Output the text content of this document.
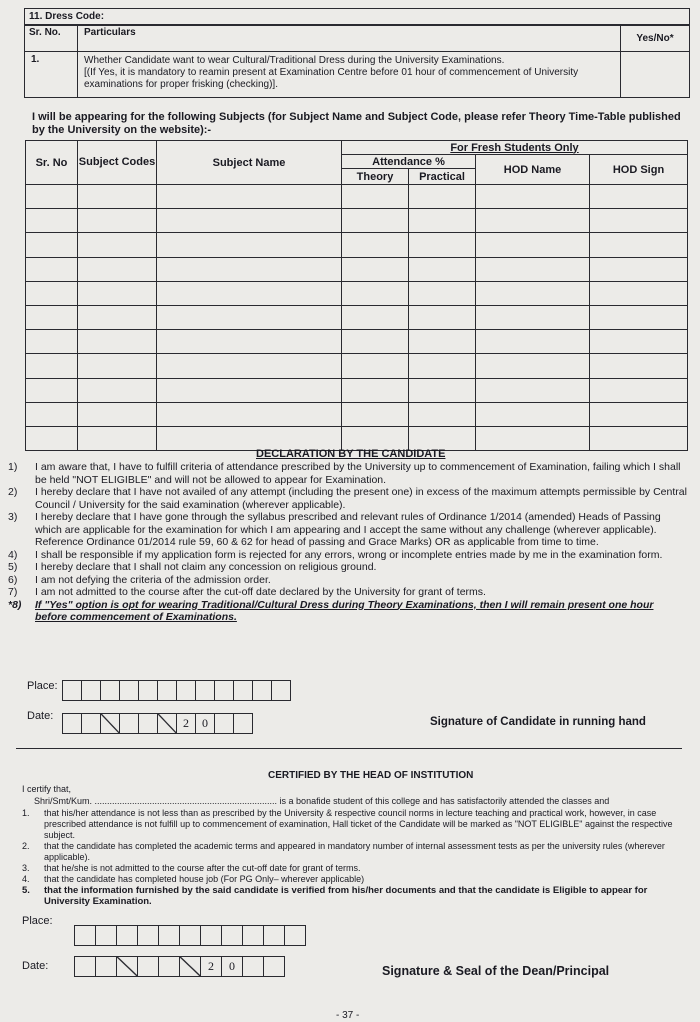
11. Dress Code:
Sr. No.	Particulars	Yes/No*
1.	Whether Candidate want to wear Cultural/Traditional Dress during the University Examinations.
[(If Yes, it is mandatory to reamin present at Examination Centre before 01 hour of commencement of University examinations for proper frisking (checking)].	

I will be appearing for the following Subjects (for Subject Name and Subject Code, please refer Theory Time-Table published by the University on the website):-
Sr. No	Subject Codes	Subject Name	For Fresh Students Only			
			Attendance %		HOD Name	HOD Sign
			Theory	Practical		

DECLARATION BY THE CANDIDATE
1)	I am aware that, I have to fulfill criteria of attendance prescribed by the University up to commencement of Examination, failing which I shall be held "NOT ELIGIBLE" and will not be allowed to appear for Examination.
2)	I hereby declare that I have not availed of any attempt (including the present one) in excess of the maximum attempts permissible by Central Council / University for the said examination (wherever applicable).
3)	I hereby declare that I have gone through the syllabus prescribed and relevant rules of Ordinance 1/2014 (amended) Heads of Passing which are applicable for the examination for which I am appearing and I accept the same without any challenge (wherever applicable). Reference Ordinance 01/2014 rule 59, 60 & 62 for head of passing and Grace Marks) OR as applicable from time to time.
4)	I shall be responsible if my application form is rejected for any errors, wrong or incomplete entries made by me in the examination form.
5)	I hereby declare that I shall not claim any concession on religious ground.
6)	I am not defying the criteria of the admission order.
7)	I am not admitted to the course after the cut-off date declared by the University for grant of terms.
*8)	If "Yes" option is opt for wearing Traditional/Cultural Dress during Theory Examinations, then I will remain present one hour before commencement of Examinations.
Place:
Date:	2	0	Signature of Candidate in running hand
CERTIFIED BY THE HEAD OF INSTITUTION
I certify that,
Shri/Smt/Kum. ......................................................................... is a bonafide student of this college and has satisfactorily attended the classes and
1.	that his/her attendance is not less than as prescribed by the University & respective council norms in lecture teaching and practical work, however, in case prescribed attendance is not fulfill up to commencement of examination, Hall ticket of the Candidate will be marked as "NOT ELIGIBLE" against the respective subject.
2.	that the candidate has completed the academic terms and appeared in mandatory number of internal assessment tests as per the university rules (wherever applicable).
3.	that he/she is not admitted to the course after the cut-off date for grant of terms.
4.	that the candidate has completed house job (For PG Only– wherever applicable)
5.	that the information furnished by the said candidate is verified from his/her documents and that the candidate is Eligible to appear for University Examination.
Place:
Date:	2	0	Signature & Seal of the Dean/Principal
- 37 -
